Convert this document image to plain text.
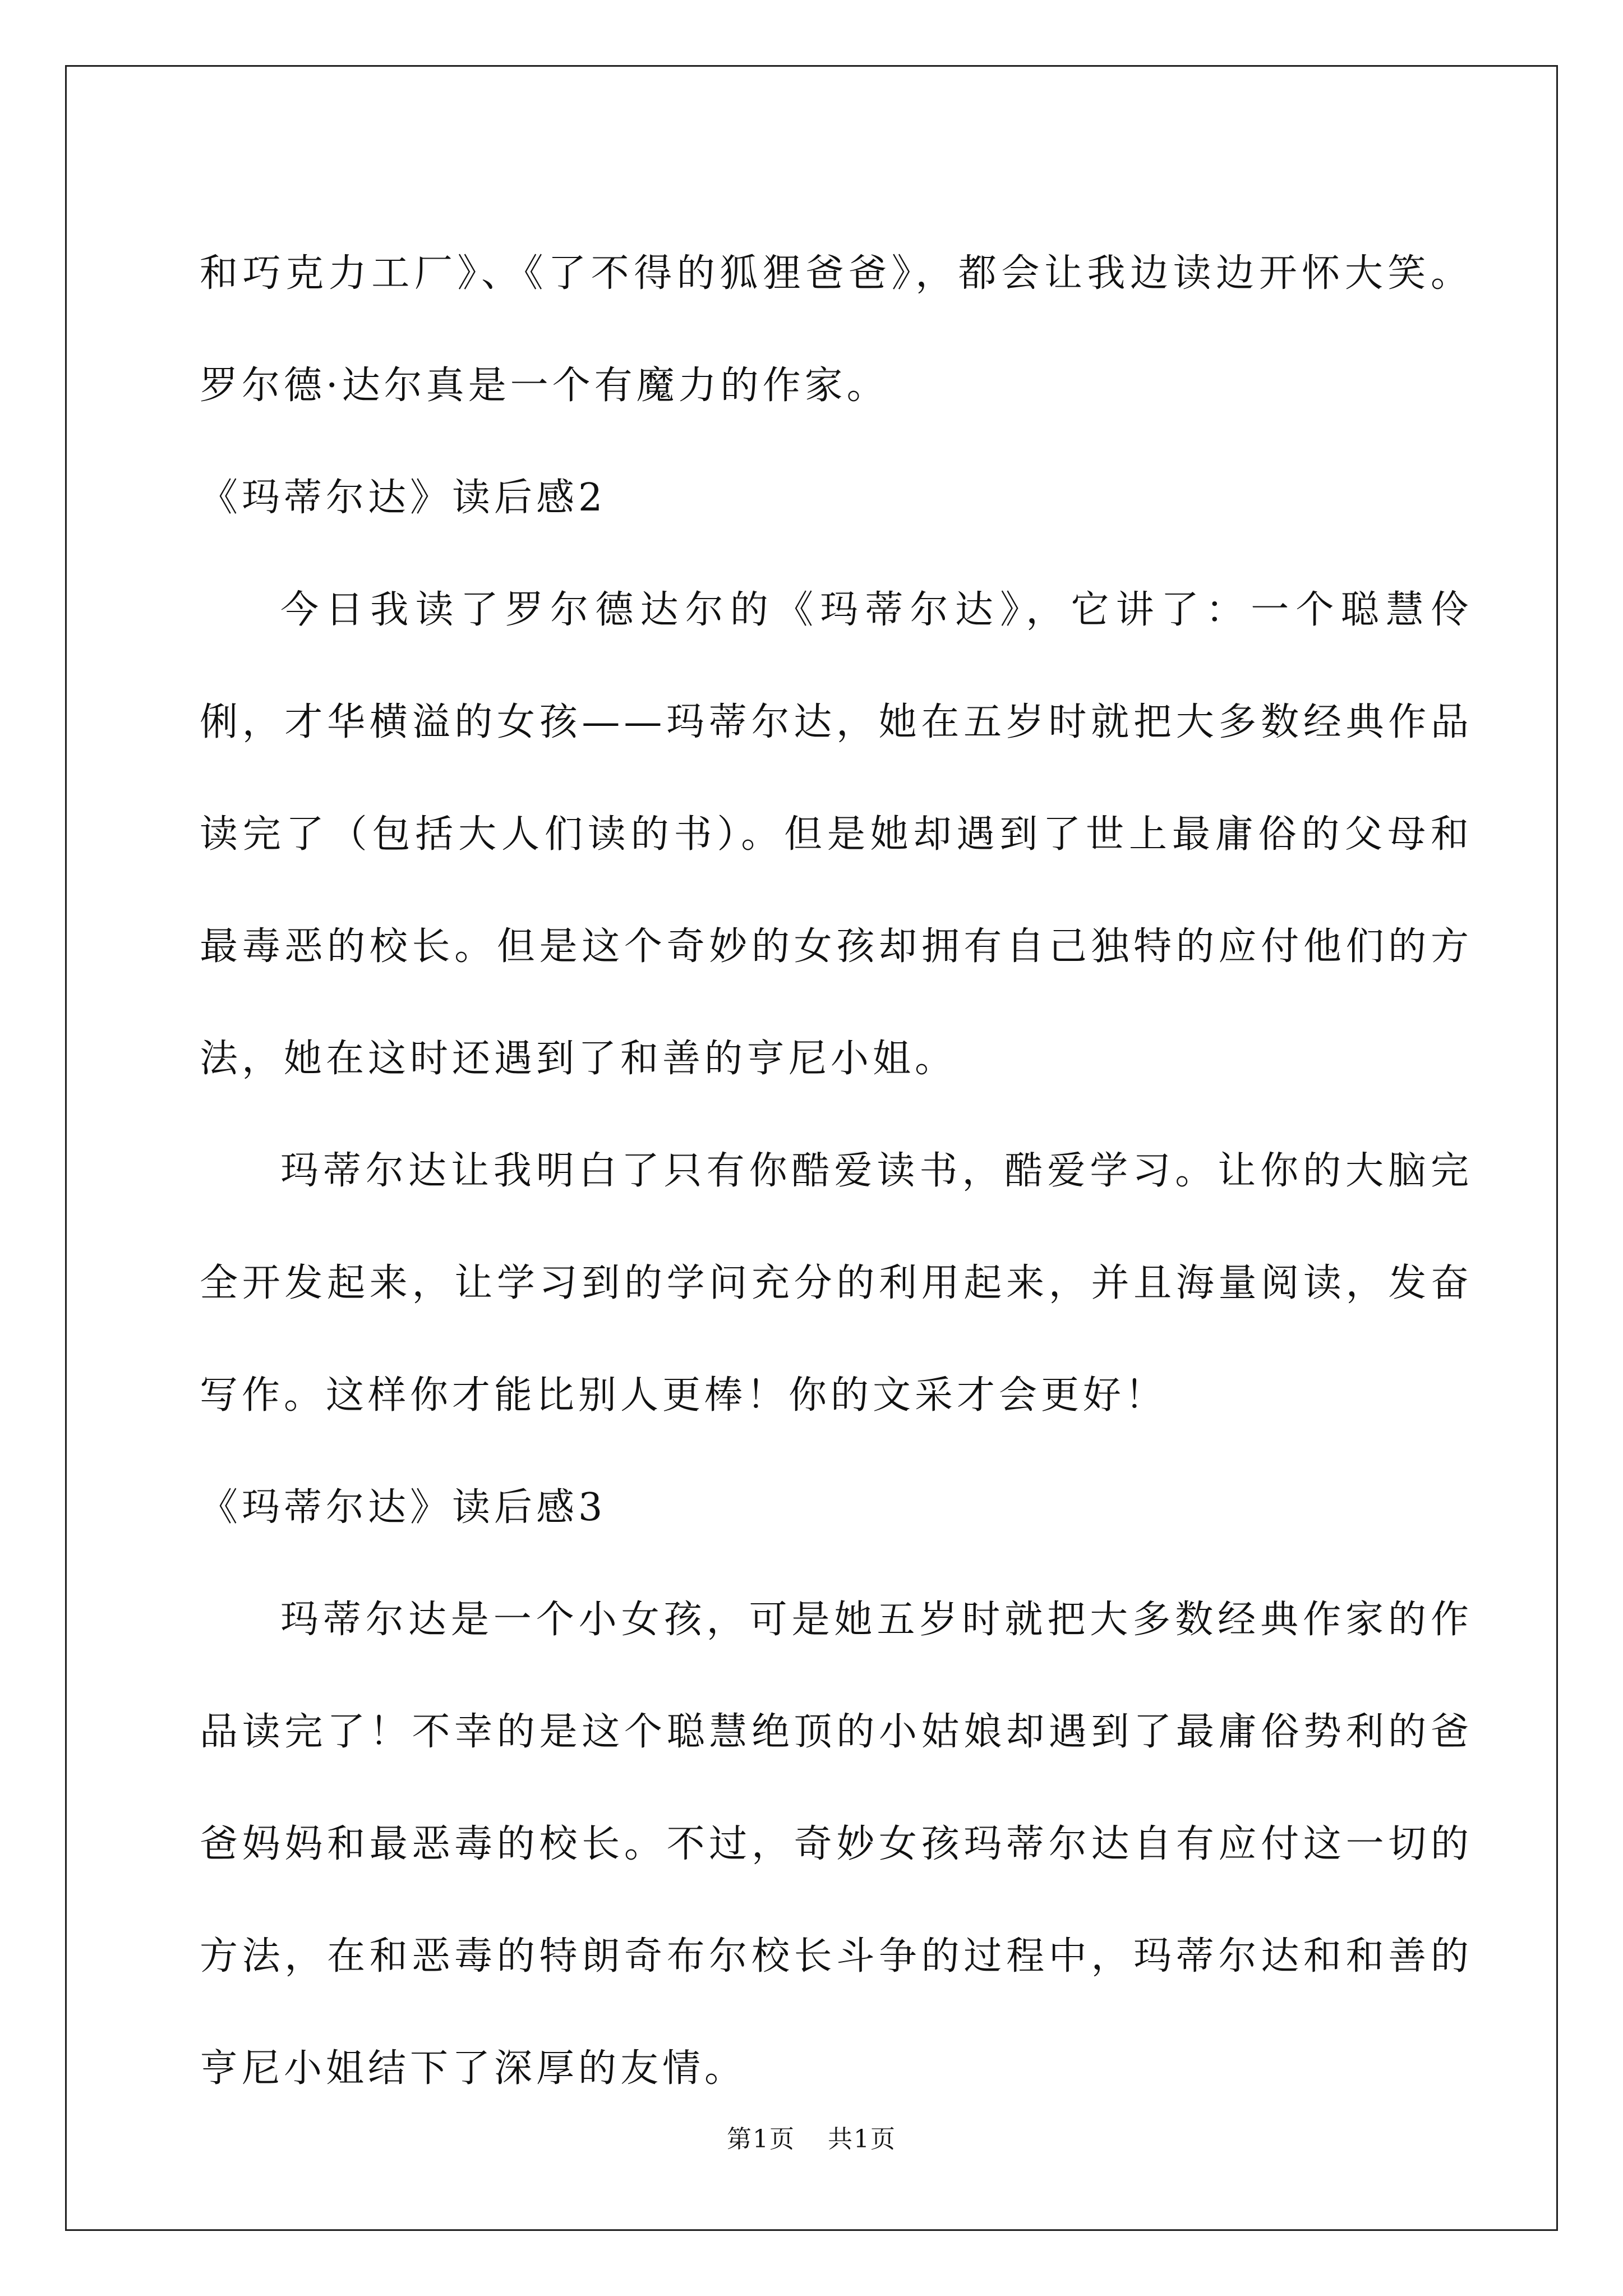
和巧克力工厂》、《了不得的狐狸爸爸》，都会让我边读边开怀大笑。罗尔德·达尔真是一个有魔力的作家。

《玛蒂尔达》读后感2

今日我读了罗尔德达尔的《玛蒂尔达》，它讲了：一个聪慧伶俐，才华横溢的女孩——玛蒂尔达，她在五岁时就把大多数经典作品读完了（包括大人们读的书）。但是她却遇到了世上最庸俗的父母和最毒恶的校长。但是这个奇妙的女孩却拥有自己独特的应付他们的方法，她在这时还遇到了和善的亨尼小姐。

玛蒂尔达让我明白了只有你酷爱读书，酷爱学习。让你的大脑完全开发起来，让学习到的学问充分的利用起来，并且海量阅读，发奋写作。这样你才能比别人更棒！你的文采才会更好！

《玛蒂尔达》读后感3

玛蒂尔达是一个小女孩，可是她五岁时就把大多数经典作家的作品读完了！不幸的是这个聪慧绝顶的小姑娘却遇到了最庸俗势利的爸爸妈妈和最恶毒的校长。不过，奇妙女孩玛蒂尔达自有应付这一切的方法，在和恶毒的特朗奇布尔校长斗争的过程中，玛蒂尔达和和善的亨尼小姐结下了深厚的友情。

第1页 共1页
